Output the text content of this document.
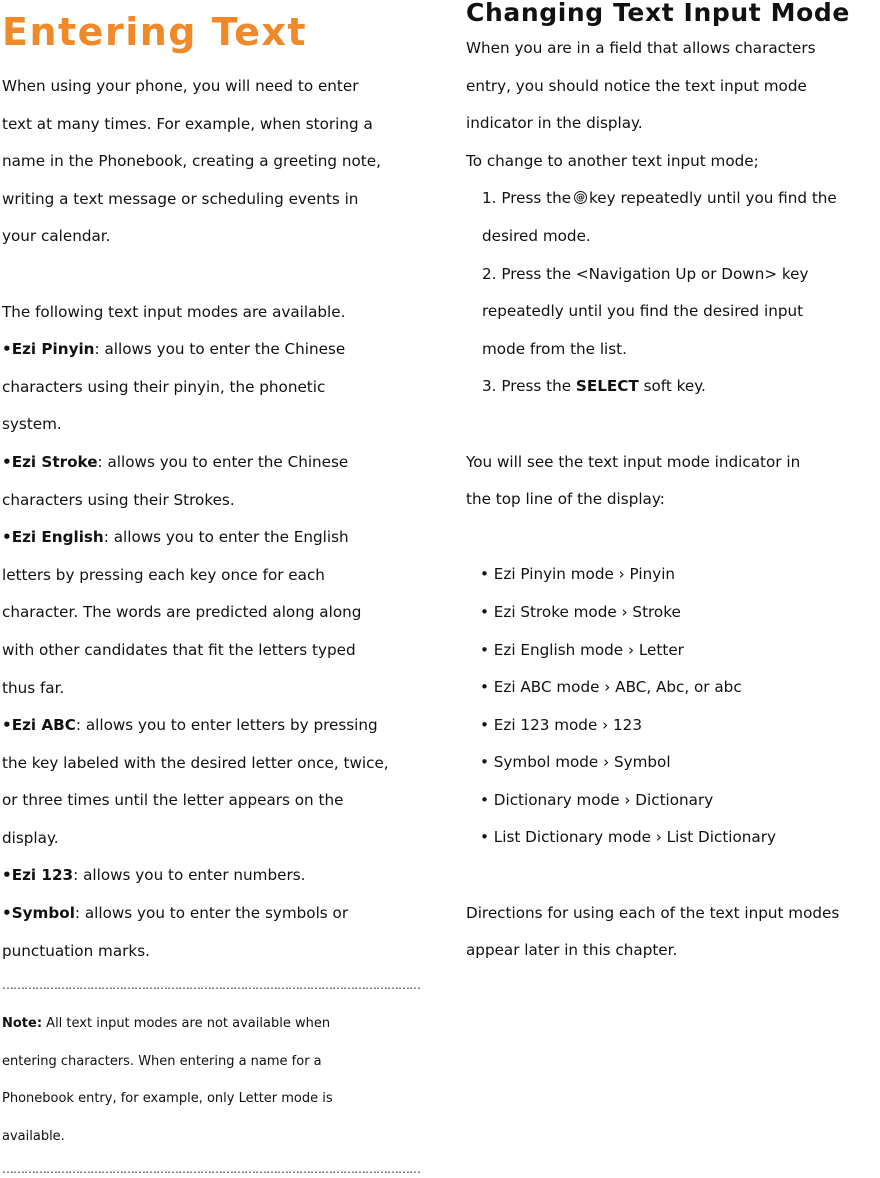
Entering Text
When using your phone, you will need to enter
text at many times. For example, when storing a
name in the Phonebook, creating a greeting note,
writing a text message or scheduling events in
your calendar.
The following text input modes are available.
•Ezi Pinyin: allows you to enter the Chinese
characters using their pinyin, the phonetic
system.
•Ezi Stroke: allows you to enter the Chinese
characters using their Strokes.
•Ezi English: allows you to enter the English
letters by pressing each key once for each
character. The words are predicted along along
with other candidates that fit the letters typed
thus far.
•Ezi ABC: allows you to enter letters by pressing
the key labeled with the desired letter once, twice,
or three times until the letter appears on the
display.
•Ezi 123: allows you to enter numbers.
•Symbol: allows you to enter the symbols or
punctuation marks.
……………………………………………………………………………………………………
Note: All text input modes are not available when
entering characters. When entering a name for a
Phonebook entry, for example, only Letter mode is
available.
……………………………………………………………………………………………………
Changing Text Input Mode
When you are in a field that allows characters
entry, you should notice the text input mode
indicator in the display.
To change to another text input mode;
1. Press the @ key repeatedly until you find the
desired mode.
2. Press the <Navigation Up or Down> key
repeatedly until you find the desired input
mode from the list.
3. Press the SELECT soft key.
You will see the text input mode indicator in
the top line of the display:
• Ezi Pinyin mode › Pinyin
• Ezi Stroke mode › Stroke
• Ezi English mode › Letter
• Ezi ABC mode › ABC, Abc, or abc
• Ezi 123 mode › 123
• Symbol mode › Symbol
• Dictionary mode › Dictionary
• List Dictionary mode › List Dictionary
Directions for using each of the text input modes
appear later in this chapter.
